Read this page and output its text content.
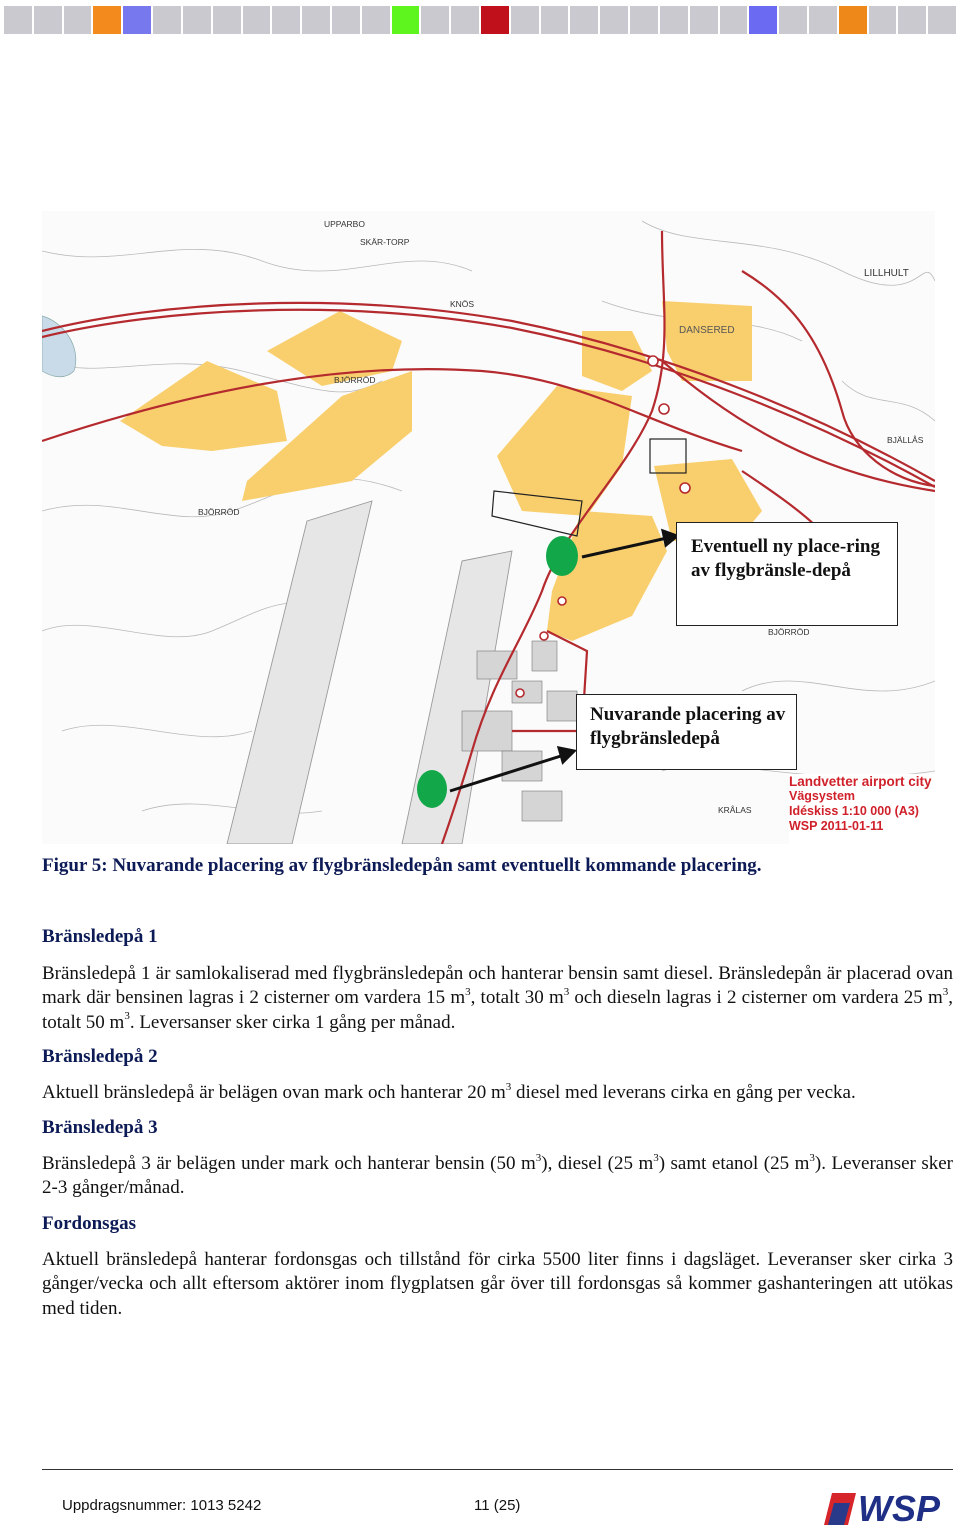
UPPARBO
SKÄR-TORP
KNÖS
DANSERED
LILLHULT
BJÖRRÖD
BJÖRRÖD
BJÄLLÅS
BJÖRRÖD
KRÅLAS
Eventuell ny place-ring av flygbränsle-depå
Nuvarande placering av flygbränsledepå
Landvetter airport city
Vägsystem
Idéskiss 1:10 000 (A3)
WSP 2011-01-11
Figur 5: Nuvarande placering av flygbränsledepån samt eventuellt kommande placering.
Bränsledepå 1
Bränsledepå 1 är samlokaliserad med flygbränsledepån och hanterar bensin samt diesel. Bränsledepån är placerad ovan mark där bensinen lagras i 2 cisterner om vardera 15 $m^3$, totalt 30 $m^3$ och dieseln lagras i 2 cisterner om vardera 25 $m^3$, totalt 50 $m^3$. Leversanser sker cirka 1 gång per månad.
Bränsledepå 2
Aktuell bränsledepå är belägen ovan mark och hanterar 20 $m^3$ diesel med leverans cirka en gång per vecka.
Bränsledepå 3
Bränsledepå 3 är belägen under mark och hanterar bensin (50 $m^3$), diesel (25 $m^3$) samt etanol (25 $m^3$). Leveranser sker 2-3 gånger/månad.
Fordonsgas
Aktuell bränsledepå hanterar fordonsgas och tillstånd för cirka 5500 liter finns i dagsläget. Leveranser sker cirka 3 gånger/vecka och allt eftersom aktörer inom flygplatsen går över till fordonsgas så kommer gashanteringen att utökas med tiden.
Uppdragsnummer: 1013 5242	11 (25)	WSP
